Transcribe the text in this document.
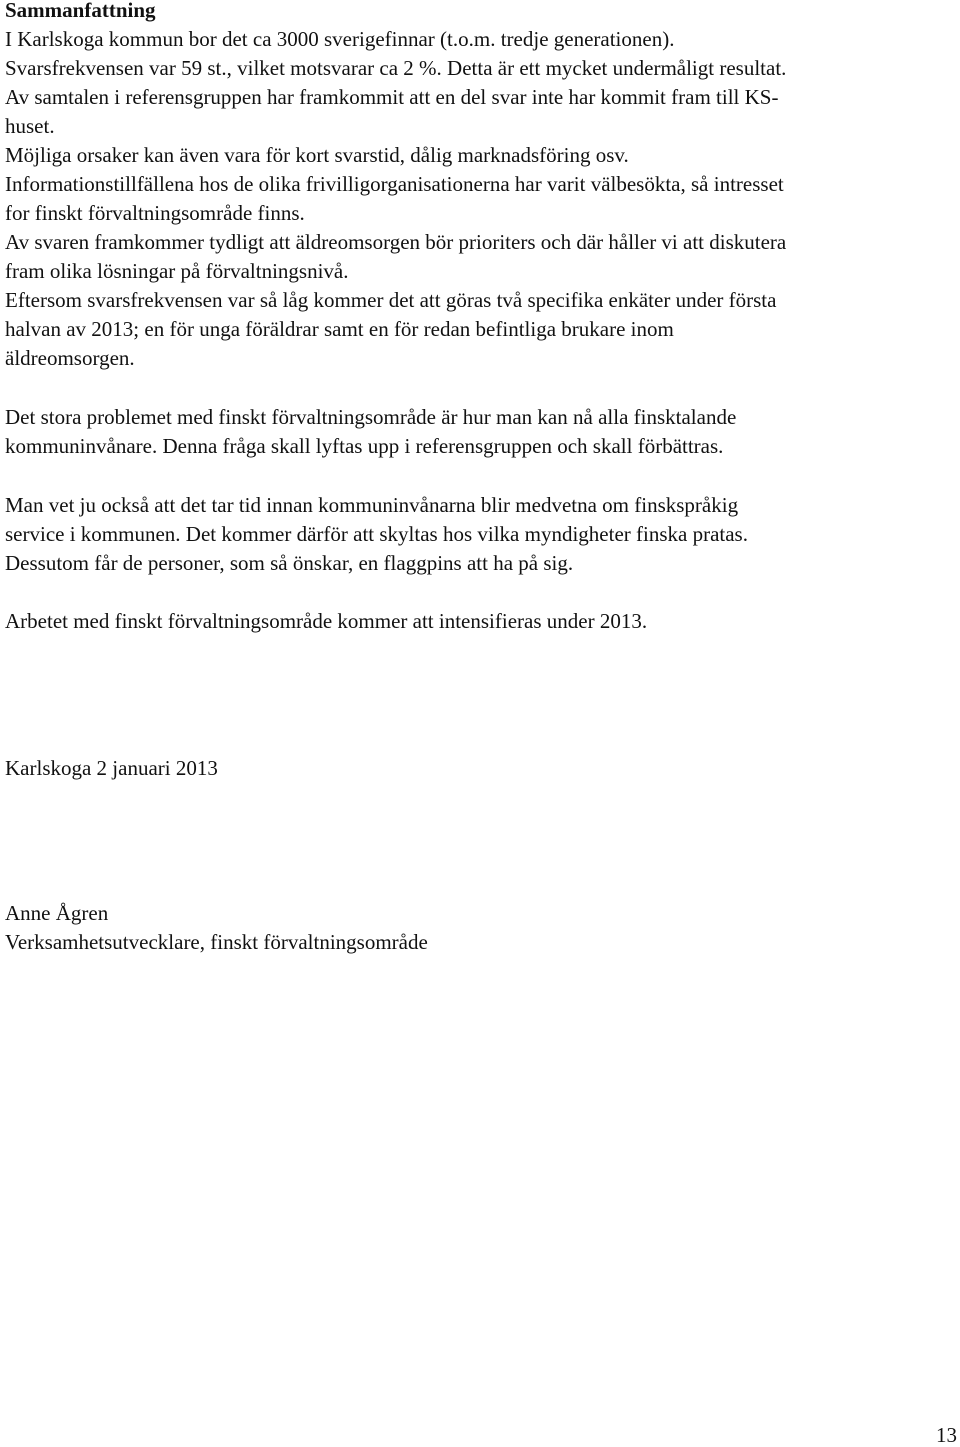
Sammanfattning
I Karlskoga kommun bor det ca 3000 sverigefinnar (t.o.m. tredje generationen).
Svarsfrekvensen var 59 st., vilket motsvarar ca 2 %. Detta är ett mycket undermåligt resultat.
Av samtalen i referensgruppen har framkommit att en del svar inte har kommit fram till KS-
huset.
Möjliga orsaker kan även vara för kort svarstid, dålig marknadsföring osv.
Informationstillfällena hos de olika frivilligorganisationerna har varit välbesökta, så intresset
for finskt förvaltningsområde finns.
Av svaren framkommer tydligt att äldreomsorgen bör prioriters och där håller vi att diskutera
fram olika lösningar på förvaltningsnivå.
Eftersom svarsfrekvensen var så låg kommer det att göras två specifika enkäter under första
halvan av 2013; en för unga föräldrar samt en för redan befintliga brukare inom
äldreomsorgen.
Det stora problemet med finskt förvaltningsområde är hur man kan nå alla finsktalande
kommuninvånare. Denna fråga skall lyftas upp i referensgruppen och skall förbättras.
Man vet ju också att det tar tid innan kommuninvånarna blir medvetna om finskspråkig
service i kommunen. Det kommer därför att skyltas hos vilka myndigheter finska pratas.
Dessutom får de personer, som så önskar, en flaggpins att ha på sig.
Arbetet med finskt förvaltningsområde kommer att intensifieras under 2013.
Karlskoga 2 januari 2013
Anne Ågren
Verksamhetsutvecklare, finskt förvaltningsområde
13
